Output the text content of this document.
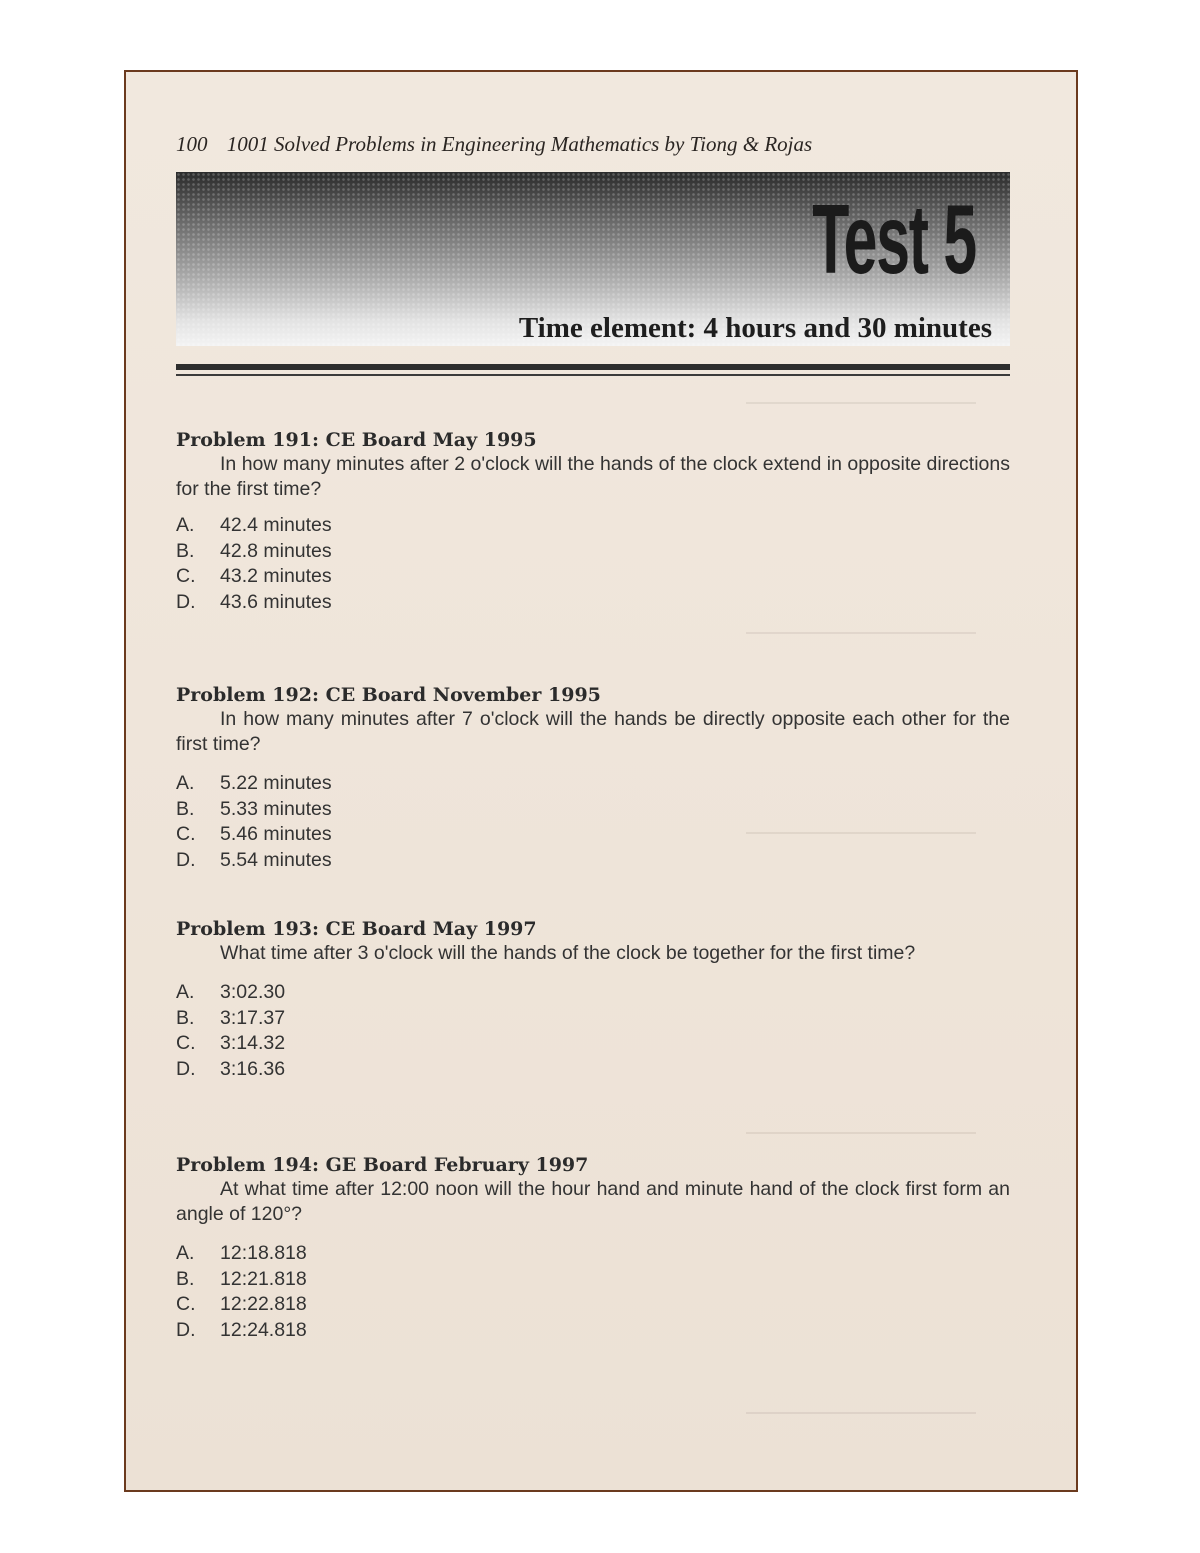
100 1001 Solved Problems in Engineering Mathematics by Tiong & Rojas
Test 5
Time element: 4 hours and 30 minutes
Problem 191: CE Board May 1995

In how many minutes after 2 o'clock will the hands of the clock extend in opposite directions for the first time?

A. 42.4 minutes
B. 42.8 minutes
C. 43.2 minutes
D. 43.6 minutes
Problem 192: CE Board November 1995

In how many minutes after 7 o'clock will the hands be directly opposite each other for the first time?

A. 5.22 minutes
B. 5.33 minutes
C. 5.46 minutes
D. 5.54 minutes
Problem 193: CE Board May 1997

What time after 3 o'clock will the hands of the clock be together for the first time?

A. 3:02.30
B. 3:17.37
C. 3:14.32
D. 3:16.36
Problem 194: GE Board February 1997

At what time after 12:00 noon will the hour hand and minute hand of the clock first form an angle of 120°?

A. 12:18.818
B. 12:21.818
C. 12:22.818
D. 12:24.818
